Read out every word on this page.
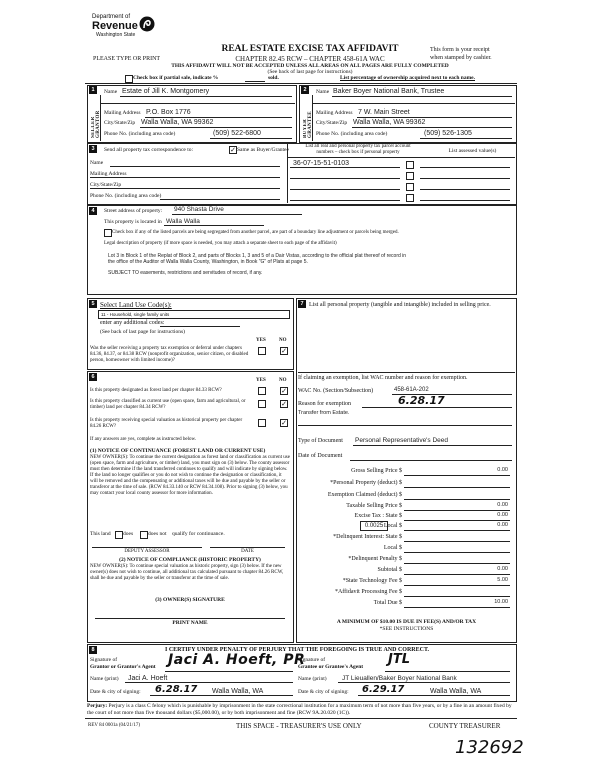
Department of
Revenue
Washington State
PLEASE TYPE OR PRINT
REAL ESTATE EXCISE TAX AFFIDAVIT
CHAPTER 82.45 RCW – CHAPTER 458-61A WAC
THIS AFFIDAVIT WILL NOT BE ACCEPTED UNLESS ALL AREAS ON ALL PAGES ARE FULLY COMPLETED
(See back of last page for instructions)
This form is your receipt
when stamped by cashier.
Check box if partial sale, indicate %	sold.	List percentage of ownership acquired next to each name.
1
SELLER GRANTOR
Name Estate of Jill K. Montgomery
Mailing Address P.O. Box 1776
City/State/Zip Walla Walla, WA 99362
Phone No. (including area code)	(509) 522-6800
2
BUYER GRANTEE
Name Baker Boyer National Bank, Trustee
Mailing Address 7 W. Main Street
City/State/Zip Walla Walla, WA 99362
Phone No. (including area code)	(509) 526-1305
3	Send all property tax correspondence to:	✓ Same as Buyer/Grantee
Name
Mailing Address
City/State/Zip
Phone No. (including area code)
List all real and personal property tax parcel account
numbers – check box if personal property	List assessed value(s)
36-07-15-51-0103
4	Street address of property: 940 Shasta Drive
This property is located in Walla Walla
Check box if any of the listed parcels are being segregated from another parcel, are part of a boundary line adjustment or parcels being merged.
Legal description of property (if more space is needed, you may attach a separate sheet to each page of the affidavit)
Lot 3 in Block 1 of the Replat of Block 2, and parts of Blocks 1, 3 and 5 of a Dair Vistas, according to the official plat thereof of record in
the office of the Auditor of Walla Walla County, Washington, in Book "G" of Plats at page 5.
SUBJECT TO easements, restrictions and servitudes of record, if any.
5 Select Land Use Code(s):
11 - Household, single family units
enter any additional codes:
(See back of last page for instructions)
YES	NO
Was the seller receiving a property tax exemption or deferral under chapters 84.36, 84.37, or 84.38 RCW (nonprofit organization, senior citizen, or disabled person, homeowner with limited income)?
✓
6
YES	NO
Is this property designated as forest land per chapter 84.33 RCW?	✓
Is this property classified as current use (open space, farm and agricultural, or timber) land per chapter 84.34 RCW?	✓
Is this property receiving special valuation as historical property per chapter 84.26 RCW?	✓
If any answers are yes, complete as instructed below.
(1) NOTICE OF CONTINUANCE (FOREST LAND OR CURRENT USE)
NEW OWNER(S): To continue the current designation as forest land or classification as current use (open space, farm and agriculture, or timber) land, you must sign on (3) below. The county assessor must then determine if the land transferred continues to qualify and will indicate by signing below. If the land no longer qualifies or you do not wish to continue the designation or classification, it will be removed and the compensating or additional taxes will be due and payable by the seller or transferor at the time of sale. (RCW 84.33.140 or RCW 84.34.108). Prior to signing (3) below, you may contact your local county assessor for more information.
This land does	does not qualify for continuance.
DEPUTY ASSESSOR	DATE
(2) NOTICE OF COMPLIANCE (HISTORIC PROPERTY)
NEW OWNER(S): To continue special valuation as historic property, sign (3) below. If the new owner(s) does not wish to continue, all additional tax calculated pursuant to chapter 84.26 RCW, shall be due and payable by the seller or transferor at the time of sale.
(3) OWNER(S) SIGNATURE
PRINT NAME
7 List all personal property (tangible and intangible) included in selling price.
If claiming an exemption, list WAC number and reason for exemption.
WAC No. (Section/Subsection)	458-61A-202
Reason for exemption	6.28.17
Transfer from Estate.
Type of Document Personal Representative's Deed
Date of Document
Gross Selling Price $	0.00
*Personal Property (deduct) $
Exemption Claimed (deduct) $
Taxable Selling Price $	0.00
Excise Tax : State $	0.00
0.0025 Local $	0.00
*Delinquent Interest: State $
Local $
*Delinquent Penalty $
Subtotal $	0.00
*State Technology Fee $	5.00
*Affidavit Processing Fee $
Total Due $	10.00
A MINIMUM OF $10.00 IS DUE IN FEE(S) AND/OR TAX
*SEE INSTRUCTIONS
8	I CERTIFY UNDER PENALTY OF PERJURY THAT THE FOREGOING IS TRUE AND CORRECT.
Signature of
Grantor or Grantor's Agent Jaci A. Hoeft, PR
Name (print) Jaci A. Hoeft
Date & city of signing: 6.28.17 Walla Walla, WA
Signature of
Grantee or Grantee's Agent JTL
Name (print) JT Lieuallen/Baker Boyer National Bank
Date & city of signing: 6.29.17	Walla Walla, WA
Perjury: Perjury is a class C felony which is punishable by imprisonment in the state correctional institution for a maximum term of not more than five years, or by a fine in an amount fixed by the court of not more than five thousand dollars ($5,000.00), or by both imprisonment and fine (RCW 9A.20.020 (1C)).
REV 84 0001a (04/21/17)	THIS SPACE - TREASURER'S USE ONLY	COUNTY TREASURER
132692
